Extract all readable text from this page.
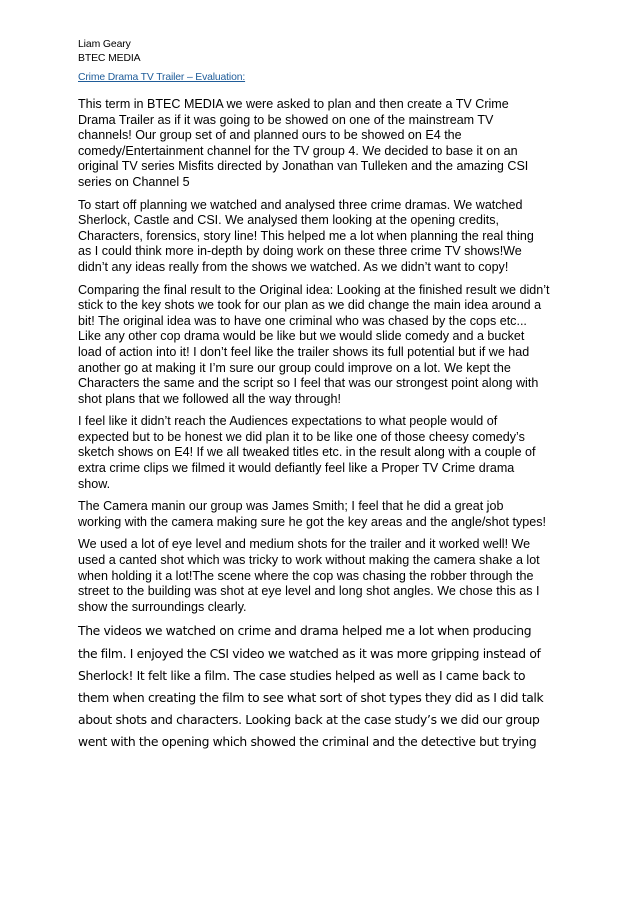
Liam Geary
BTEC MEDIA
Crime Drama TV Trailer – Evaluation:

This term in BTEC MEDIA we were asked to plan and then create a TV Crime
Drama Trailer as if it was going to be showed on one of the mainstream TV
channels! Our group set of and planned ours to be showed on E4 the
comedy/Entertainment channel for the TV group 4. We decided to base it on an
original TV series Misfits directed by Jonathan van Tulleken and the amazing CSI
series on Channel 5

To start off planning we watched and analysed three crime dramas. We watched
Sherlock, Castle and CSI. We analysed them looking at the opening credits,
Characters, forensics, story line! This helped me a lot when planning the real thing
as I could think more in-depth by doing work on these three crime TV shows!We
didn’t any ideas really from the shows we watched. As we didn’t want to copy!

Comparing the final result to the Original idea: Looking at the finished result we didn’t
stick to the key shots we took for our plan as we did change the main idea around a
bit! The original idea was to have one criminal who was chased by the cops etc...
Like any other cop drama would be like but we would slide comedy and a bucket
load of action into it! I don’t feel like the trailer shows its full potential but if we had
another go at making it I’m sure our group could improve on a lot. We kept the
Characters the same and the script so I feel that was our strongest point along with
shot plans that we followed all the way through!

I feel like it didn’t reach the Audiences expectations to what people would of
expected but to be honest we did plan it to be like one of those cheesy comedy’s
sketch shows on E4! If we all tweaked titles etc. in the result along with a couple of
extra crime clips we filmed it would defiantly feel like a Proper TV Crime drama
show.

The Camera manin our group was James Smith; I feel that he did a great job
working with the camera making sure he got the key areas and the angle/shot types!

We used a lot of eye level and medium shots for the trailer and it worked well! We
used a canted shot which was tricky to work without making the camera shake a lot
when holding it a lot!The scene where the cop was chasing the robber through the
street to the building was shot at eye level and long shot angles. We chose this as I
show the surroundings clearly.

The videos we watched on crime and drama helped me a lot when producing
the film. I enjoyed the CSI video we watched as it was more gripping instead of
Sherlock! It felt like a film. The case studies helped as well as I came back to
them when creating the film to see what sort of shot types they did as I did talk
about shots and characters. Looking back at the case study’s we did our group
went with the opening which showed the criminal and the detective but trying
